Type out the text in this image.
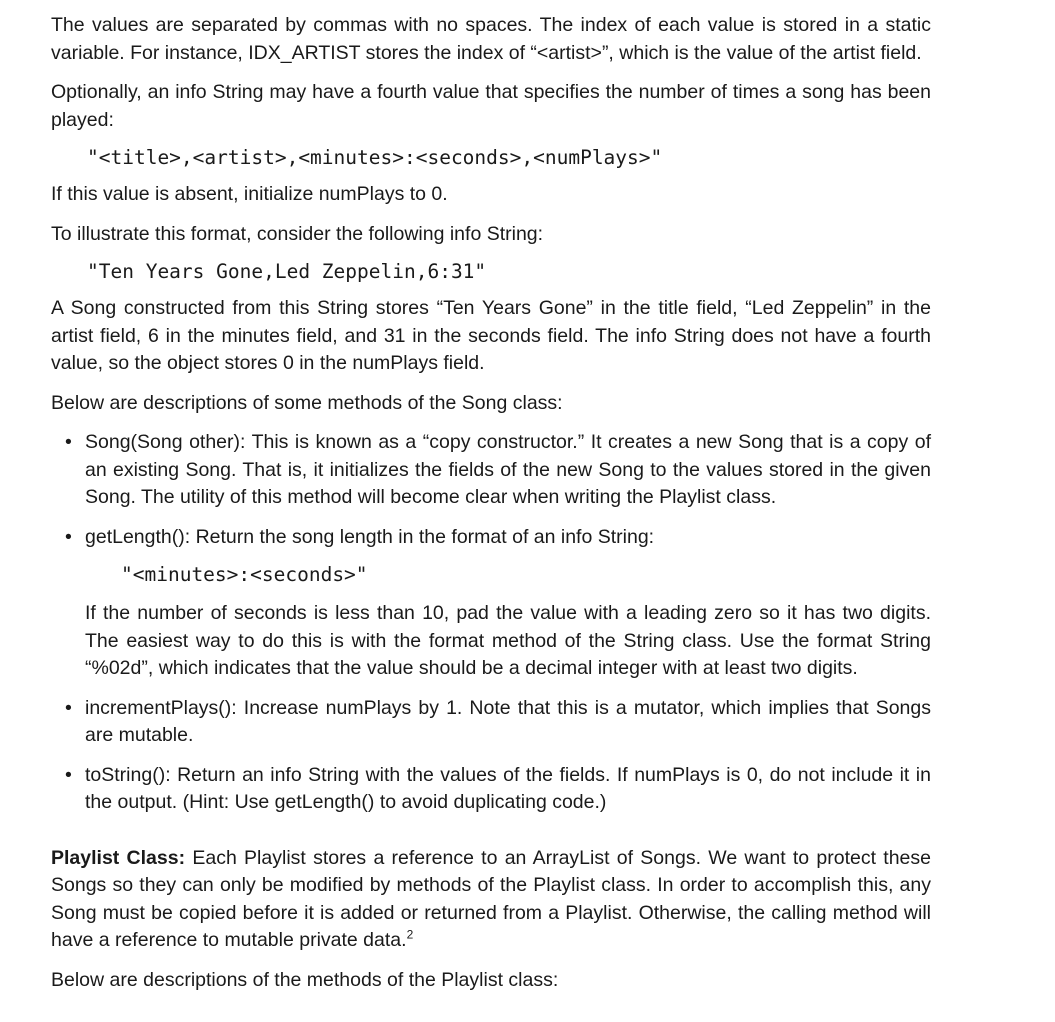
The values are separated by commas with no spaces. The index of each value is stored in a static variable. For instance, IDX_ARTIST stores the index of “<artist>”, which is the value of the artist field.

Optionally, an info String may have a fourth value that specifies the number of times a song has been played:

"<title>,<artist>,<minutes>:<seconds>,<numPlays>"

If this value is absent, initialize numPlays to 0.

To illustrate this format, consider the following info String:

"Ten Years Gone,Led Zeppelin,6:31"

A Song constructed from this String stores “Ten Years Gone” in the title field, “Led Zeppelin” in the artist field, 6 in the minutes field, and 31 in the seconds field. The info String does not have a fourth value, so the object stores 0 in the numPlays field.

Below are descriptions of some methods of the Song class:

• Song(Song other): This is known as a “copy constructor.” It creates a new Song that is a copy of an existing Song. That is, it initializes the fields of the new Song to the values stored in the given Song. The utility of this method will become clear when writing the Playlist class.
• getLength(): Return the song length in the format of an info String:
"<minutes>:<seconds>"

If the number of seconds is less than 10, pad the value with a leading zero so it has two digits. The easiest way to do this is with the format method of the String class. Use the format String “%02d”, which indicates that the value should be a decimal integer with at least two digits.

• incrementPlays(): Increase numPlays by 1. Note that this is a mutator, which implies that Songs are mutable.
• toString(): Return an info String with the values of the fields. If numPlays is 0, do not include it in the output. (Hint: Use getLength() to avoid duplicating code.)

Playlist Class: Each Playlist stores a reference to an ArrayList of Songs. We want to protect these Songs so they can only be modified by methods of the Playlist class. In order to accomplish this, any Song must be copied before it is added or returned from a Playlist. Otherwise, the calling method will have a reference to mutable private data.$^2$

Below are descriptions of the methods of the Playlist class:
